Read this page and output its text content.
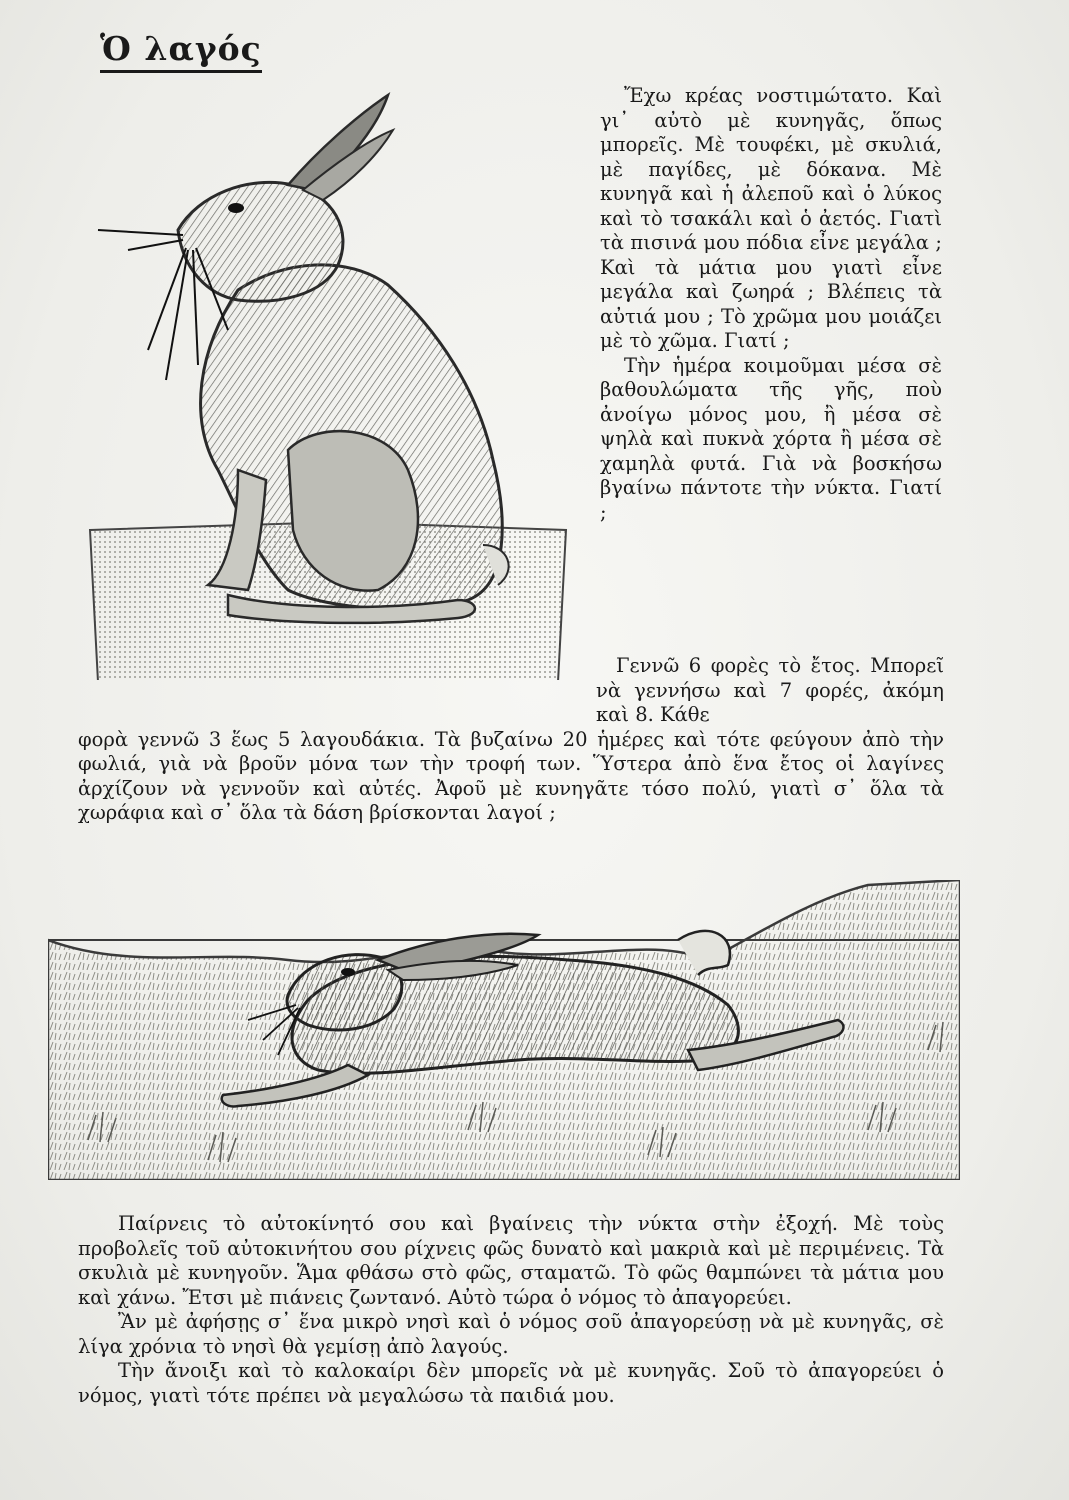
Ὁ λαγός

Ἔχω κρέας νοστιμώτατο. Καὶ γι᾿ αὐτὸ μὲ κυνηγᾶς, ὅπως μπορεῖς. Μὲ τουφέκι, μὲ σκυλιά, μὲ παγίδες, μὲ δόκανα. Μὲ κυνηγᾶ καὶ ἡ ἀλεποῦ καὶ ὁ λύκος καὶ τὸ τσακάλι καὶ ὁ ἀετός. Γιατὶ τὰ πισινά μου πόδια εἶνε μεγάλα ; Καὶ τὰ μάτια μου γιατὶ εἶνε μεγάλα καὶ ζωηρά ; Βλέπεις τὰ αὐτιά μου ; Τὸ χρῶμα μου μοιάζει μὲ τὸ χῶμα. Γιατί ;

Τὴν ἡμέρα κοιμοῦμαι μέσα σὲ βαθουλώματα τῆς γῆς, ποὺ ἀνοίγω μόνος μου, ἢ μέσα σὲ ψηλὰ καὶ πυκνὰ χόρτα ἢ μέσα σὲ χαμηλὰ φυτά. Γιὰ νὰ βοσκήσω βγαίνω πάντοτε τὴν νύκτα. Γιατί ;

Γεννῶ 6 φορὲς τὸ ἔτος. Μπορεῖ νὰ γεννήσω καὶ 7 φορές, ἀκόμη καὶ 8. Κάθε
φορὰ γεννῶ 3 ἕως 5 λαγουδάκια. Τὰ βυζαίνω 20 ἡμέρες καὶ τότε φεύγουν ἀπὸ τὴν φωλιά, γιὰ νὰ βροῦν μόνα των τὴν τροφή των. Ὕστερα ἀπὸ ἕνα ἔτος οἱ λαγίνες ἀρχίζουν νὰ γεννοῦν καὶ αὐτές. Ἀφοῦ μὲ κυνηγᾶτε τόσο πολύ, γιατὶ σ᾿ ὅλα τὰ χωράφια καὶ σ᾿ ὅλα τὰ δάση βρίσκονται λαγοί ;

Παίρνεις τὸ αὐτοκίνητό σου καὶ βγαίνεις τὴν νύκτα στὴν ἐξοχή. Μὲ τοὺς προβολεῖς τοῦ αὐτοκινήτου σου ρίχνεις φῶς δυνατὸ καὶ μακριὰ καὶ μὲ περιμένεις. Τὰ σκυλιὰ μὲ κυνηγοῦν. Ἅμα φθάσω στὸ φῶς, σταματῶ. Τὸ φῶς θαμπώνει τὰ μάτια μου καὶ χάνω. Ἔτσι μὲ πιάνεις ζωντανό. Αὐτὸ τώρα ὁ νόμος τὸ ἀπαγορεύει.

Ἂν μὲ ἀφήσῃς σ᾿ ἕνα μικρὸ νησὶ καὶ ὁ νόμος σοῦ ἀπαγορεύσῃ νὰ μὲ κυνηγᾶς, σὲ λίγα χρόνια τὸ νησὶ θὰ γεμίσῃ ἀπὸ λαγούς.

Τὴν ἄνοιξι καὶ τὸ καλοκαίρι δὲν μπορεῖς νὰ μὲ κυνηγᾶς. Σοῦ τὸ ἀπαγορεύει ὁ νόμος, γιατὶ τότε πρέπει νὰ μεγαλώσω τὰ παιδιά μου.
